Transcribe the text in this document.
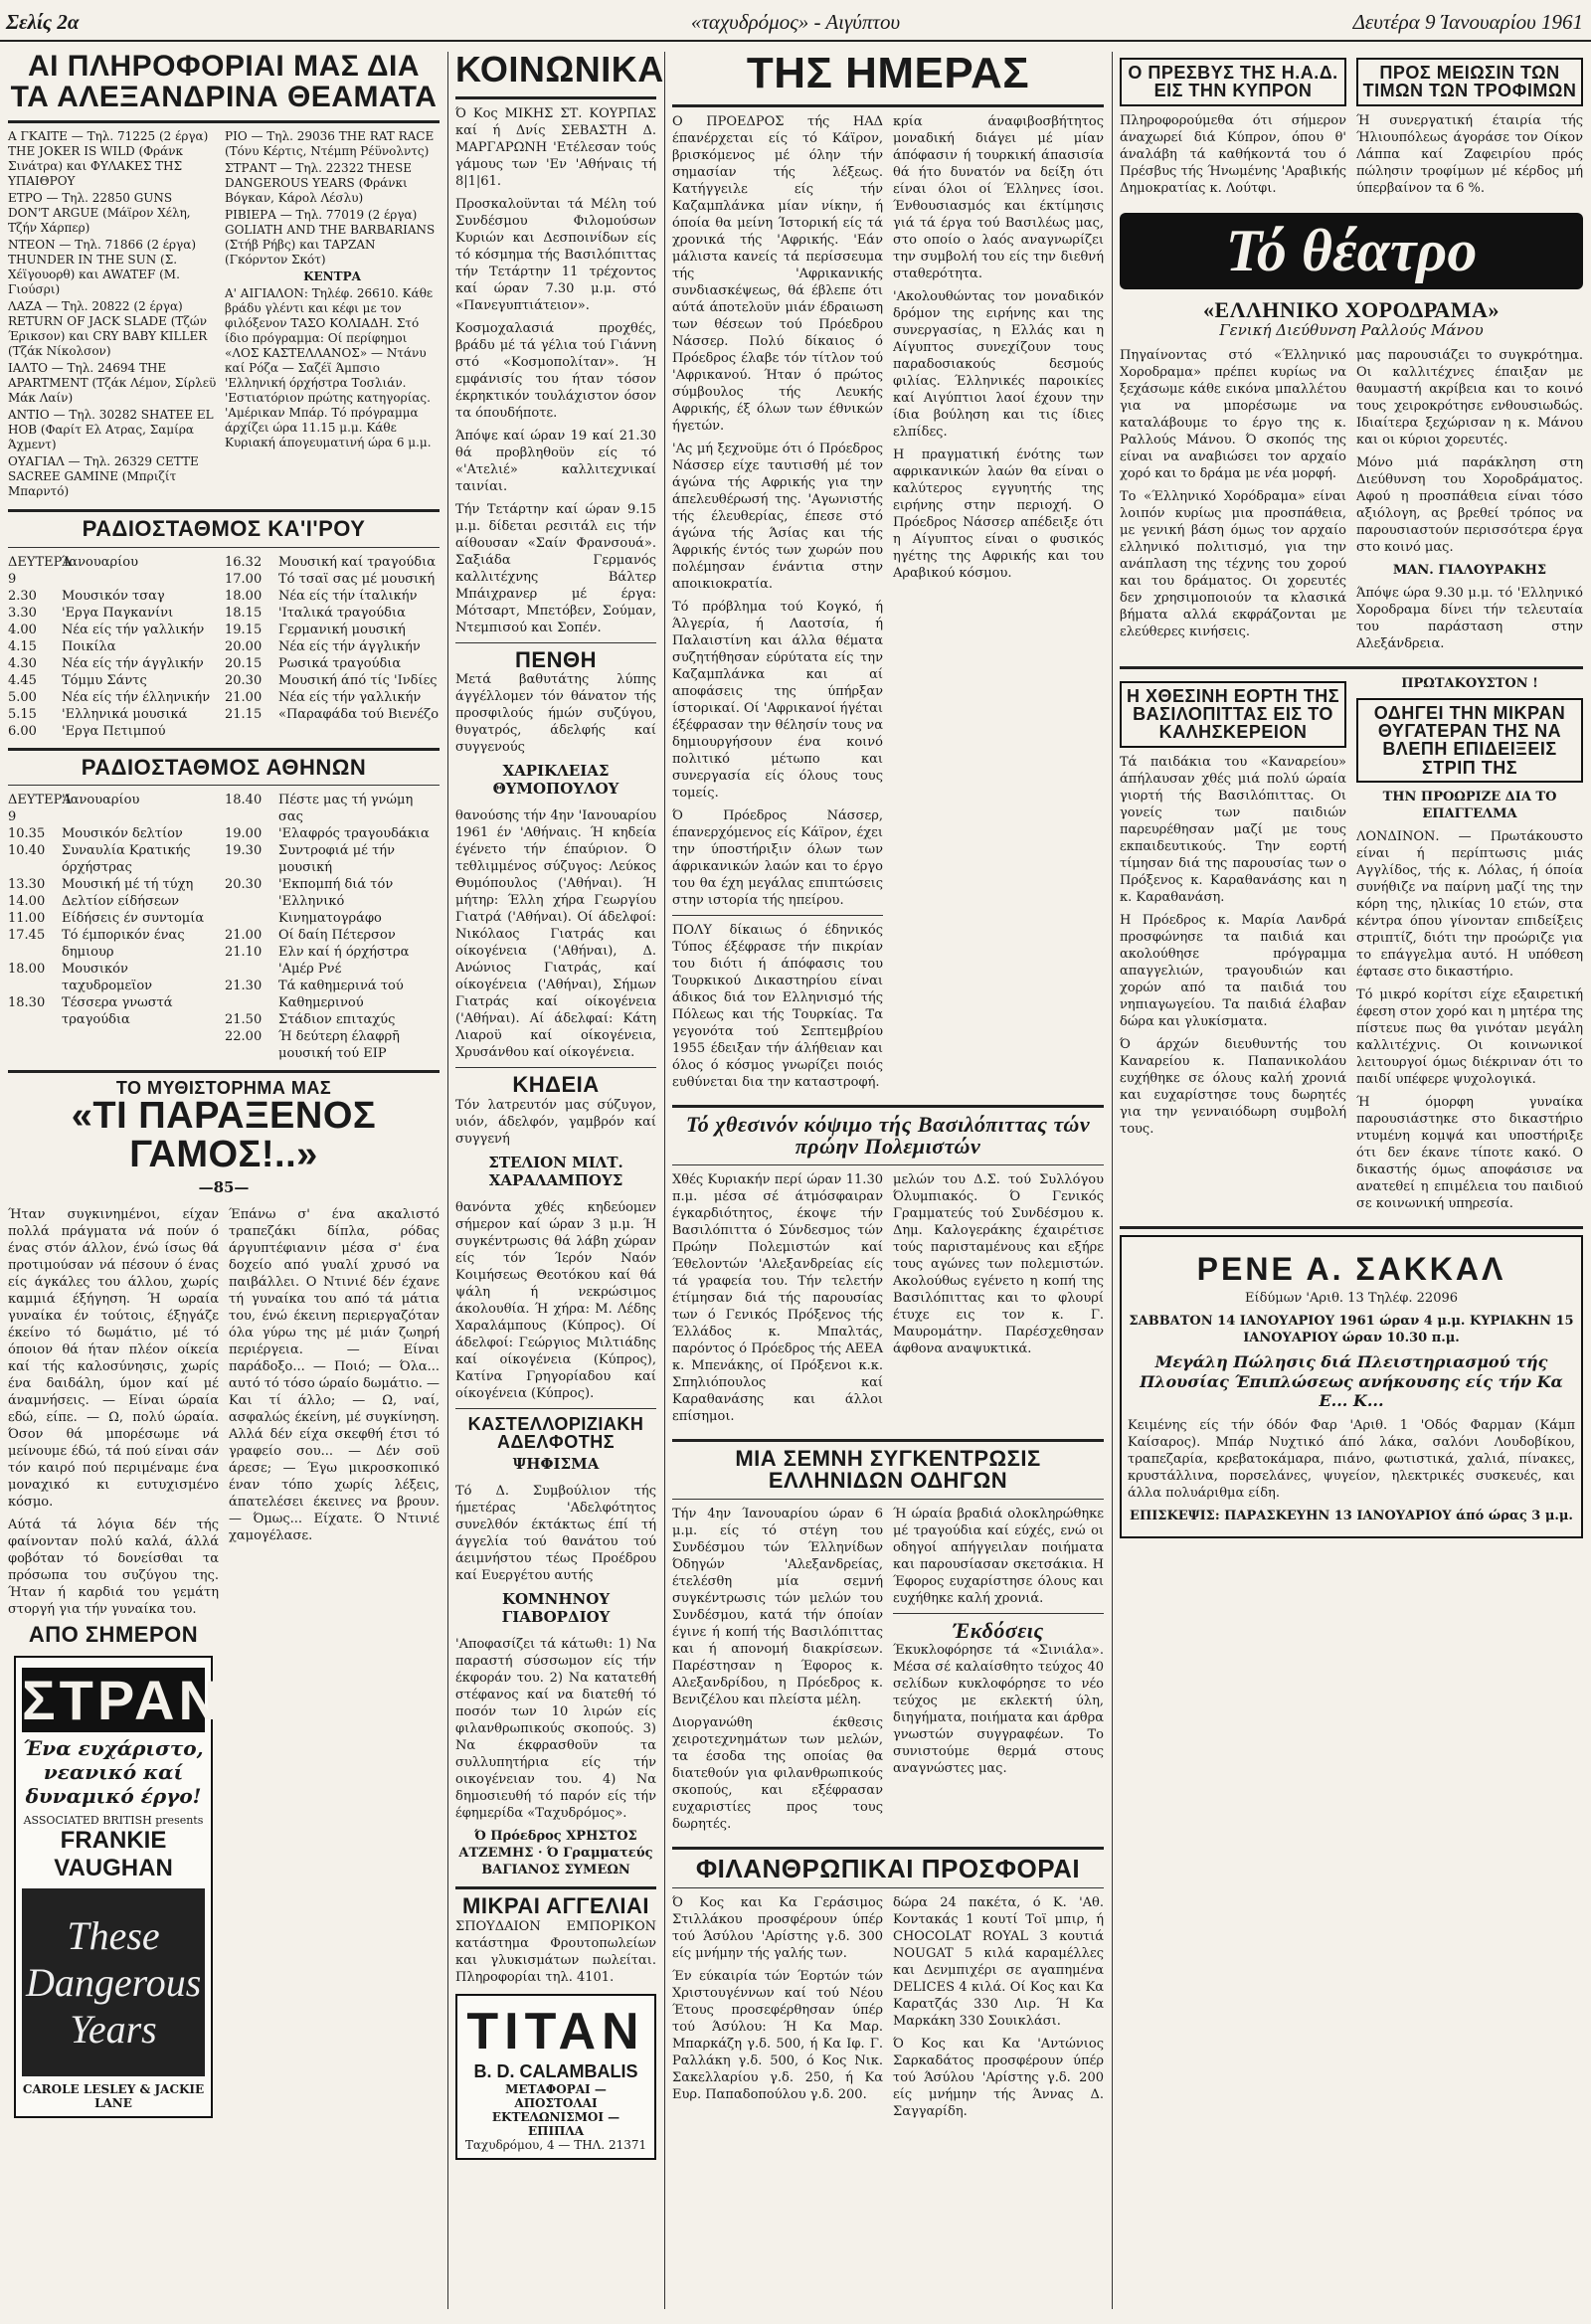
Σελίς 2α	«ταχυδρόμος» - Αιγύπτου	Δευτέρα 9 Ίανουαρίου 1961
ΑΙ ΠΛΗΡΟΦΟΡΙΑΙ ΜΑΣ ΔΙΑ ΤΑ ΑΛΕΞΑΝΔΡΙΝΑ ΘΕΑΜΑΤΑ
Α ΓΚΑΙΤΕ — Τηλ. 71225 (2 έργα) THE JOKER IS WILD (Φράνκ Σινάτρα) και ΦΥΛΑΚΕΣ ΤΗΣ ΥΠΑΙΘΡΟΥ
ΕΤΡΟ — Τηλ. 22850 GUNS DON'T ARGUE (Μάϊρον Χέλη, Τζήν Χάρπερ)
ΝΤΕΟΝ — Τηλ. 71866 (2 έργα) THUNDER IN THE SUN (Σ. Χέϊγουορθ) και AWATEF (Μ. Γιούσρι)
ΛΑΖΑ — Τηλ. 20822 (2 έργα) RETURN OF JACK SLADE (Τζών Έρικσον) και CRY BABY KILLER (Τζάκ Νίκολσον)
ΙΑΛΤΟ — Τηλ. 24694 THE APARTMENT (Τζάκ Λέμον, Σίρλεϋ Μάκ Λαίν)
ΑΝΤΙΟ — Τηλ. 30282 SHATEE EL HOB (Φαρίτ Ελ Ατρας, Σαμίρα Άχμεντ)
ΟΥΑΓΙΑΛ — Τηλ. 26329 CETTE SACREE GAMINE (Μπριζίτ Μπαρντό)
ΡΙΟ — Τηλ. 29036 THE RAT RACE (Τόνυ Κέρτις, Ντέμπη Ρέϋνολντς)
ΣΤΡΑΝΤ — Τηλ. 22322 THESE DANGEROUS YEARS (Φράνκι Βόγκαν, Κάρολ Λέσλυ)
ΡΙΒΙΕΡΑ — Τηλ. 77019 (2 έργα) GOLIATH AND THE BARBARIANS (Στήβ Ρήβς) και ΤΑΡΖΑΝ (Γκόρντον Σκότ)
ΚΕΝΤΡΑ
Α' ΑΙΓΙΑΛΟΝ: Τηλέφ. 26610. Κάθε βράδυ γλέντι και κέφι με τον φιλόξενον ΤΑΣΟ ΚΟΛΙΑΔΗ. Στό ίδιο πρόγραμμα: Οί περίφημοι «ΛΟΣ ΚΑΣΤΕΛΛΑΝΟΣ» — Ντάνυ καί Ρόζα — Σαζέϊ Άμπσιο 'Ελληνική όρχήστρα Τοσλιάν. 'Εστιατόριον πρώτης κατηγορίας. 'Αμέρικαν Μπάρ. Τό πρόγραμμα άρχίζει ώρα 11.15 μ.μ. Κάθε Κυριακή άπογευματινή ώρα 6 μ.μ.
ΡΑΔΙΟΣΤΑΘΜΟΣ ΚΑ'Ι'ΡΟΥ
ΔΕΥΤΕΡΑ 9
Ίανουαρίου
2.30	Μουσικόν τσαγ
3.30	'Εργα Παγκανίνι
4.00	Νέα είς τήν γαλλικήν
4.15	Ποικίλα
4.30	Νέα είς τήν άγγλικήν
4.45	Τόμμυ Σάντς
5.00	Νέα είς τήν έλληνικήν
5.15	'Ελληνικά μουσικά
6.00	'Εργα Πετιμπού
16.32	Μουσική καί τραγούδια
17.00	Τό τσαϊ σας μέ μουσική
18.00	Νέα είς τήν ίταλικήν
18.15	'Ιταλικά τραγούδια
19.15	Γερμανική μουσική
20.00	Νέα είς τήν άγγλικήν
20.15	Ρωσικά τραγούδια
20.30	Μουσική άπό τίς 'Ινδίες
21.00	Νέα είς τήν γαλλικήν
21.15	«Παραφάδα τού Βιενέζο
ΡΑΔΙΟΣΤΑΘΜΟΣ ΑΘΗΝΩΝ
ΔΕΥΤΕΡΑ 9
'Ιανουαρίου
10.35	Μουσικόν δελτίον
10.40	Συναυλία Κρατικής όρχήστρας
13.30	Μουσική μέ τή τύχη
14.00	Δελτίον είδήσεων
11.00	Είδήσεις έν συντομία
17.45	Τό έμπορικόν ένας δημιουρ
18.00	Μουσικόν ταχυδρομεϊον
18.30	Τέσσερα γνωστά τραγούδια
18.40	Πέστε μας τή γνώμη σας
19.00	'Ελαφρός τραγουδάκια
19.30	Συντροφιά μέ τήν μουσική
20.30	'Εκπομπή διά τόν 'Ελληνικό Κινηματογράφο
21.00	Οί δαίη Πέτερσον
21.10	Ελν καί ή όρχήστρα 'Αμέρ Ρνέ
21.30	Τά καθημερινά τού Καθημερινού
21.50	Στάδιον επιταχύς
22.00	Ή δεύτερη έλαφρῆ μουσική τού EIP
ΤΟ ΜΥΘΙΣΤΟΡΗΜΑ ΜΑΣ
«ΤΙ ΠΑΡΑΞΕΝΟΣ ΓΑΜΟΣ!..»

—85—

Ήταν συγκινημένοι, είχαν πολλά πράγματα νά πούν ό ένας στόν άλλον, ένώ ίσως θά προτιμούσαν νά πέσουν ό ένας είς άγκάλες του άλλου, χωρίς καμμιά έξήγηση. Ή ωραία γυναίκα έν τούτοις, έξηγάζε έκείνο τό δωμάτιο, μέ τό όποιον θά ήταν πλέον οίκεία καί τής καλοσύνησις, χωρίς ένα δαιδάλη, ύμον καί μέ άναμνήσεις. — Είναι ώραία εδώ, είπε. — Ω, πολύ ώραία. Όσον θά μπορέσωμε νά μείνουμε έδώ, τά πού είναι σάν τόν καιρό πού περιμέναμε ένα μοναχικό κι ευτυχισμένο κόσμο.

Αύτά τά λόγια δέν τής φαίνονταν πολύ καλά, άλλά φοβόταν τό δονείσθαι τα πρόσωπα του συζύγου της. Ήταν ή καρδιά του γεμάτη στοργή για τήν γυναίκα του.

ΑΠΟ ΣΗΜΕΡΟΝ
ΣΤΡΑΝΤ
Ένα ευχάριστο, νεανικό καί δυναμικό έργο!
ASSOCIATED BRITISH presents
FRANKIE VAUGHAN
These Dangerous Years
CAROLE LESLEY & JACKIE LANE

Έπάνω σ' ένα ακαλιστό τραπεζάκι δίπλα, ρόδας άργυπτέφιανιν μέσα σ' ένα δοχείο από γυαλί χρυσό να παιβάλλει. Ο Ντινιέ δέν έχανε τή γυναίκα του από τά μάτια του, ένώ έκεινη περιεργαζόταν όλα γύρω της μέ μιάν ζωηρή περιέργεια. — Είναι παράδοξο... — Ποιό; — Όλα... αυτό τό τόσο ώραίο δωμάτιο. — Και τί άλλο; — Ω, ναί, ασφαλώς έκείνη, μέ συγκίνηση. Αλλά δέν είχα σκεφθή έτσι τό γραφείο σου... — Δέν σοϋ άρεσε; — Έγω μικροσκοπικό έναν τόπο χωρίς λέξεις, άπατελέσει έκεινες να βρουν. — Όμως... Είχατε. Ό Ντινιέ χαμογέλασε.

ΚΟΙΝΩΝΙΚΑ

Ό Κος ΜΙΚΗΣ ΣΤ. ΚΟΥΡΠΑΣ καί ή Δνίς ΣΕΒΑΣΤΗ Δ. ΜΑΡΓΑΡΩΝΗ 'Ετέλεσαν τούς γάμους των 'Εν 'Αθήναις τή 8|1|61.

Προσκαλοϋνται τά Μέλη τού Συνδέσμου Φιλομούσων Κυριών και Δεσποινίδων είς τό κόσμημα τής Βασιλόπιττας τήν Τετάρτην 11 τρέχοντος καί ώραν 7.30 μ.μ. στό «Πανεγυπτιάτειον».

Κοσμοχαλασιά προχθές, βράδυ μέ τά γέλια τού Γιάννη στό «Κοσμοπολίταν». Ή εμφάνισίς του ήταν τόσον έκρηκτικόν τουλάχιστον όσον τα όπουδήποτε.

Άπόψε καί ώραν 19 καί 21.30 θά προβληθοϋν είς τό «'Ατελιέ» καλλιτεχνικαί ταινίαι.

Τήν Τετάρτην καί ώραν 9.15 μ.μ. δίδεται ρεσιτάλ εις τήν αίθουσαν «Σαίν Φρανσουά». Σαξιάδα Γερμανός καλλιτέχνης Βάλτερ Μπάιχρανερ μέ έργα: Μότσαρτ, Μπετόβεν, Σούμαν, Ντεμπισού και Σοπέν.

ΠΕΝΘΗ

Μετά βαθυτάτης λύπης άγγέλλομεν τόν θάνατον τής προσφιλούς ήμών συζύγου, θυγατρός, άδελφής καί συγγενούς

ΧΑΡΙΚΛΕΙΑΣ ΘΥΜΟΠΟΥΛΟΥ

θανούσης τήν 4ην 'Ιανουαρίου 1961 έν 'Αθήναις. Ή κηδεία έγένετο τήν έπαύριον. Ό τεθλιμμένος σύζυγος: Λεύκος Θυμόπουλος ('Αθήναι). Ή μήτηρ: Έλλη χήρα Γεωργίου Γιατρά ('Αθήναι). Οί άδελφοί: Νικόλαος Γιατράς και οίκογένεια ('Αθήναι), Δ. Ανώνιος Γιατράς, καί οίκογένεια ('Αθήναι), Σήμων Γιατράς καί οίκογένεια ('Αθήναι). Αί άδελφαί: Κάτη Λιαροϋ καί οίκογένεια, Χρυσάνθου καί οίκογένεια.

ΚΗΔΕΙΑ

Τόν λατρευτόν μας σύζυγον, υιόν, άδελφόν, γαμβρόν καί συγγενή

ΣΤΕΛΙΟΝ ΜΙΛΤ. ΧΑΡΑΛΑΜΠΟΥΣ

θανόντα χθές κηδεύομεν σήμερον καί ώραν 3 μ.μ. Ή συγκέντρωσις θά λάβη χώραν είς τόν Ίερόν Ναόν Κοιμήσεως Θεοτόκου καί θά ψάλη ή νεκρώσιμος άκολουθία. Ή χήρα: Μ. Λέδης Χαραλάμπους (Κύπρος). Οί άδελφοί: Γεώργιος Μιλτιάδης καί οίκογένεια (Κύπρος), Κατίνα Γρηγορίαδου καί οίκογένεια (Κύπρος).

ΚΑΣΤΕΛΛΟΡΙΖΙΑΚΗ ΑΔΕΛΦΟΤΗΣ

ΨΗΦΙΣΜΑ

Τό Δ. Συμβούλιον τής ήμετέρας 'Αδελφότητος συνελθόν έκτάκτως έπί τή άγγελία τού θανάτου τού άειμνήστου τέως Προέδρου καί Ευεργέτου αυτής

ΚΟΜΝΗΝΟΥ ΓΙΑΒΟΡΔΙΟΥ

'Αποφασίζει τά κάτωθι: 1) Να παραστή σύσσωμον είς τήν έκφοράν του. 2) Να κατατεθή στέφανος καί να διατεθή τό ποσόν των 10 λιρών είς φιλανθρωπικούς σκοπούς. 3) Να έκφρασθοϋν τα συλλυπητήρια είς τήν οικογένειαν του. 4) Να δημοσιευθή τό παρόν είς τήν έφημερίδα «Ταχυδρόμος».

Ό Πρόεδρος ΧΡΗΣΤΟΣ ΑΤΖΕΜΗΣ · Ό Γραμματεύς ΒΑΓΙΑΝΟΣ ΣΥΜΕΩΝ

ΜΙΚΡΑΙ ΑΓΓΕΛΙΑΙ

ΣΠΟΥΔΑΙΟΝ ΕΜΠΟΡΙΚΟΝ κατάστημα Φρουτοπωλείων και γλυκισμάτων πωλείται. Πληροφορίαι τηλ. 4101.

TITAN
B. D. CALAMBALIS
ΜΕΤΑΦΟΡΑΙ — ΑΠΟΣΤΟΛΑΙ
ΕΚΤΕΛΩΝΙΣΜΟΙ — ΕΠΙΠΛΑ
Ταχυδρόμου, 4 — ΤΗΛ. 21371
ΤΗΣ ΗΜΕΡΑΣ

Ο ΠΡΟΕΔΡΟΣ τής ΗΑΔ έπανέρχεται είς τό Κάϊρον, βρισκόμενος μέ όλην τήν σημασίαν τής λέξεως. Κατήγγειλε είς τήν Καζαμπλάνκα μίαν νίκην, ή όποία θα μείνη Ίστορική είς τά χρονικά τής 'Αφρικής. 'Εάν μάλιστα κανείς τά περίσσευμα τής 'Αφρικανικής συνδιασκέψεως, θά έβλεπε ότι αύτά άποτελοϋν μιάν έδραιωση των θέσεων τού Πρόεδρου Νάσσερ. Πολύ δίκαιος ό Πρόεδρος έλαβε τόν τίτλον τού 'Αφρικανού. Ήταν ό πρώτος σύμβουλος τής Λευκής Αφρικής, έξ όλων των έθνικών ήγετών.

'Ας μή ξεχνοϋμε ότι ό Πρόεδρος Νάσσερ είχε ταυτισθή μέ τον άγώνα τής Αφρικής για την άπελευθέρωσή της. 'Αγωνιστής τής έλευθερίας, έπεσε στό άγώνα τής Άσίας και τής Άφρικής έντός των χωρών που πολέμησαν ένάντια στην αποικιοκρατία.

Τό πρόβλημα τού Κογκό, ή Άλγερία, ή Λαοτσία, ή Παλαιστίνη και άλλα θέματα συζητήθησαν εύρύτατα είς την Καζαμπλάνκα και αί αποφάσεις της ύπήρξαν ίστορικαί. Οί 'Αφρικανοί ήγέται έξέφρασαν την θέλησίν τους να δημιουργήσουν ένα κοινό πολιτικό μέτωπο και συνεργασία είς όλους τους τομείς.

Ό Πρόεδρος Νάσσερ, έπανερχόμενος είς Κάϊρον, έχει την ύποστήριξιν όλων των άφρικανικών λαών και το έργο του θα έχη μεγάλας επιπτώσεις στην ιστορία τής ηπείρου.

ΠΟΛΥ δίκαιως ό έδηνικός Τύπος έξέφρασε τήν πικρίαν του διότι ή άπόφασις του Τουρκικού Δικαστηρίου είναι άδικος διά τον Ελληνισμό τής Πόλεως και τής Τουρκίας. Τα γεγονότα τού Σεπτεμβρίου 1955 έδειξαν τήν άλήθειαν και όλος ό κόσμος γνωρίζει ποιός ευθύνεται δια την καταστροφή.

κρία άναφιβοσβήτητος μοναδική διάγει μέ μίαν άπόφασιν ή τουρκική άπασισία θά ήτο δυνατόν να δείξη ότι είναι όλοι οί Έλληνες ίσοι. Ένθουσιασμός και έκτίμησις γιά τά έργα τού Βασιλέως μας, στο οποίο ο λαός αναγνωρίζει την συμβολή του είς την διεθνή σταθερότητα.

'Ακολουθώντας τον μοναδικόν δρόμον της ειρήνης και της συνεργασίας, η Ελλάς και η Αίγυπτος συνεχίζουν τους παραδοσιακούς δεσμούς φιλίας. Έλληνικές παροικίες καί Αιγύπτιοι λαοί έχουν την ίδια βούληση και τις ίδιες ελπίδες.

Η πραγματική ένότης των αφρικανικών λαών θα είναι ο καλύτερος εγγυητής της ειρήνης στην περιοχή. Ο Πρόεδρος Νάσσερ απέδειξε ότι η Αίγυπτος είναι ο φυσικός ηγέτης της Αφρικής και του Αραβικού κόσμου.

Τό χθεσινόν κόψιμο τής Βασιλόπιττας τών πρώην Πολεμιστών

Χθές Κυριακήν περί ώραν 11.30 π.μ. μέσα σέ άτμόσφαιραν έγκαρδιότητος, έκοψε τήν Βασιλόπιττα ό Σύνδεσμος τών Πρώην Πολεμιστών καί Έθελοντών 'Αλεξανδρείας είς τά γραφεία του. Τήν τελετήν έτίμησαν διά τής παρουσίας των ό Γενικός Πρόξενος τής Έλλάδος κ. Μπαλτάς, παρόντος ό Πρόεδρος τής ΑΕΕΑ κ. Μπενάκης, οί Πρόξενοι κ.κ. Σπηλιόπουλος καί Καραθανάσης και άλλοι επίσημοι.

μελών του Δ.Σ. τού Συλλόγου Όλυμπιακός. Ό Γενικός Γραμματεύς τού Συνδέσμου κ. Δημ. Καλογεράκης έχαιρέτισε τούς παρισταμένους και εξήρε τους αγώνες των πολεμιστών. Ακολούθως εγένετο η κοπή της Βασιλόπιττας και το φλουρί έτυχε εις τον κ. Γ. Μαυρομάτην. Παρέσχεθησαν άφθονα αναψυκτικά.

ΜΙΑ ΣΕΜΝΗ ΣΥΓΚΕΝΤΡΩΣΙΣ ΕΛΛΗΝΙΔΩΝ ΟΔΗΓΩΝ

Τήν 4ην Ίανουαρίου ώραν 6 μ.μ. είς τό στέγη του Συνδέσμου τών Έλληνίδων Όδηγών 'Αλεξανδρείας, έτελέσθη μία σεμνή συγκέντρωσις τών μελών του Συνδέσμου, κατά τήν όποίαν έγινε ή κοπή τής Βασιλόπιττας και ή απονομή διακρίσεων. Παρέστησαν η Έφορος κ. Αλεξανδρίδου, η Πρόεδρος κ. Βενιζέλου και πλείστα μέλη.

Διοργανώθη έκθεσις χειροτεχνημάτων των μελών, τα έσοδα της οποίας θα διατεθούν για φιλανθρωπικούς σκοπούς, και εξέφρασαν ευχαριστίες προς τους δωρητές.

Ή ώραία βραδιά ολοκληρώθηκε μέ τραγούδια καί εύχές, ενώ οι οδηγοί απήγγειλαν ποιήματα και παρουσίασαν σκετσάκια. Η Έφορος ευχαρίστησε όλους και ευχήθηκε καλή χρονιά.

Έκδόσεις

Έκυκλοφόρησε τά «Σινιάλα». Μέσα σέ καλαίσθητο τεύχος 40 σελίδων κυκλοφόρησε το νέο τεύχος με εκλεκτή ύλη, διηγήματα, ποιήματα και άρθρα γνωστών συγγραφέων. Το συνιστούμε θερμά στους αναγνώστες μας.

ΦΙΛΑΝΘΡΩΠΙΚΑΙ ΠΡΟΣΦΟΡΑΙ

Ό Κος και Κα Γεράσιμος Στιλλάκου προσφέρουν ύπέρ τού Άσύλου 'Αρίστης γ.δ. 300 είς μνήμην τής γαλής των.

Έν εύκαιρία τών Έορτών τών Χριστουγέννων καί τού Νέου Έτους προσεφέρθησαν ύπέρ τού Άσύλου: Ή Κα Μαρ. Μπαρκάζη γ.δ. 500, ή Κα Ιφ. Γ. Ραλλάκη γ.δ. 500, ό Κος Νικ. Σακελλαρίου γ.δ. 250, ή Κα Ευρ. Παπαδοπούλου γ.δ. 200.

δώρα 24 πακέτα, ό Κ. 'Αθ. Κοντακάς 1 κουτί Τοϊ μπιρ, ή CHOCOLAT ROYAL 3 κουτιά NOUGAT 5 κιλά καραμέλλες και Δενμπιχέρι σε αγαπημένα DELICES 4 κιλά. Οί Κος και Κα Καρατζάς 330 Λιρ. Ή Κα Μαρκάκη 330 Σουικλάσι.

Ό Κος και Κα 'Αντώνιος Σαρκαδάτος προσφέρουν ύπέρ τού Άσύλου 'Αρίστης γ.δ. 200 είς μνήμην τής Άννας Δ. Σαγγαρίδη.

Ο ΠΡΕΣΒΥΣ ΤΗΣ Η.Α.Δ. ΕΙΣ ΤΗΝ ΚΥΠΡΟΝ

Πληροφορούμεθα ότι σήμερον άναχωρεί διά Κύπρον, όπου θ' άναλάβη τά καθήκοντά του ό Πρέσβυς τής Ήνωμένης 'Αραβικής Δημοκρατίας κ. Λούτφι.

ΠΡΟΣ ΜΕΙΩΣΙΝ ΤΩΝ ΤΙΜΩΝ ΤΩΝ ΤΡΟΦΙΜΩΝ

Ή συνεργατική έταιρία τής Ήλιουπόλεως άγοράσε τον Οίκον Λάππα καί Ζαφειρίου πρός πώλησιν τροφίμων μέ κέρδος μή ύπερβαίνον τα 6 %.

Τό θέατρο
«ΕΛΛΗΝΙΚΟ ΧΟΡΟΔΡΑΜΑ»

Γενική Διεύθυνση Ραλλούς Μάνου

Πηγαίνοντας στό «Έλληνικό Χοροδραμα» πρέπει κυρίως να ξεχάσωμε κάθε εικόνα μπαλλέτου για να μπορέσωμε να καταλάβουμε το έργο της κ. Ραλλούς Μάνου. Ό σκοπός της είναι να αναβιώσει τον αρχαίο χορό και το δράμα με νέα μορφή.

Το «Έλληνικό Χορόδραμα» είναι λοιπόν κυρίως μια προσπάθεια, με γενική βάση όμως τον αρχαίο ελληνικό πολιτισμό, για την ανάπλαση της τέχνης του χορού και του δράματος. Οι χορευτές δεν χρησιμοποιούν τα κλασικά βήματα αλλά εκφράζονται με ελεύθερες κινήσεις.

μας παρουσιάζει το συγκρότημα. Οι καλλιτέχνες έπαιξαν με θαυμαστή ακρίβεια και το κοινό τους χειροκρότησε ενθουσιωδώς. Ιδιαίτερα ξεχώρισαν η κ. Μάνου και οι κύριοι χορευτές.

Μόνο μιά παράκληση στη Διεύθυνση του Χοροδράματος. Αφού η προσπάθεια είναι τόσο αξιόλογη, ας βρεθεί τρόπος να παρουσιαστούν περισσότερα έργα στο κοινό μας.

ΜΑΝ. ΓΙΑΛΟΥΡΑΚΗΣ

Άπόψε ώρα 9.30 μ.μ. τό 'Ελληνικό Χοροδραμα δίνει τήν τελευταία του παράσταση στην Αλεξάνδρεια.

Η ΧΘΕΣΙΝΗ ΕΟΡΤΗ ΤΗΣ ΒΑΣΙΛΟΠΙΤΤΑΣ ΕΙΣ ΤΟ ΚΑΛΗΣΚΕΡΕΙΟΝ

Τά παιδάκια του «Καναρείου» άπήλαυσαν χθές μιά πολύ ώραία γιορτή τής Βασιλόπιττας. Οι γονείς των παιδιών παρευρέθησαν μαζί με τους εκπαιδευτικούς. Την εορτή τίμησαν διά της παρουσίας των ο Πρόξενος κ. Καραθανάσης και η κ. Καραθανάση.

Η Πρόεδρος κ. Μαρία Λανδρά προσφώνησε τα παιδιά και ακολούθησε πρόγραμμα απαγγελιών, τραγουδιών και χορών από τα παιδιά του νηπιαγωγείου. Τα παιδιά έλαβαν δώρα και γλυκίσματα.

Ό άρχών διευθυντής του Καναρείου κ. Παπανικολάου ευχήθηκε σε όλους καλή χρονιά και ευχαρίστησε τους δωρητές για την γενναιόδωρη συμβολή τους.

ΠΡΩΤΑΚΟΥΣΤΟΝ !

ΟΔΗΓΕΙ ΤΗΝ ΜΙΚΡΑΝ ΘΥΓΑΤΕΡΑΝ ΤΗΣ ΝΑ ΒΛΕΠΗ ΕΠΙΔΕΙΞΕΙΣ ΣΤΡΙΠ ΤΗΣ

ΤΗΝ ΠΡΟΩΡΙΖΕ ΔΙΑ ΤΟ ΕΠΑΓΓΕΛΜΑ

ΛΟΝΔΙΝΟΝ. — Πρωτάκουστο είναι ή περίπτωσις μιάς Αγγλίδος, τής κ. Λόλας, ή όποία συνήθιζε να παίρνη μαζί της την κόρη της, ηλικίας 10 ετών, στα κέντρα όπου γίνονταν επιδείξεις στριπτίζ, διότι την προώριζε για το επάγγελμα αυτό. Η υπόθεση έφτασε στο δικαστήριο.

Τό μικρό κορίτσι είχε εξαιρετική έφεση στον χορό και η μητέρα της πίστευε πως θα γινόταν μεγάλη καλλιτέχνις. Οι κοινωνικοί λειτουργοί όμως διέκριναν ότι το παιδί υπέφερε ψυχολογικά.

Ή όμορφη γυναίκα παρουσιάστηκε στο δικαστήριο ντυμένη κομψά και υποστήριξε ότι δεν έκανε τίποτε κακό. Ο δικαστής όμως αποφάσισε να ανατεθεί η επιμέλεια του παιδιού σε κοινωνική υπηρεσία.

ΡΕΝΕ Α. ΣΑΚΚΑΛ

Είδύμων 'Αριθ. 13 Τηλέφ. 22096

ΣΑΒΒΑΤΟΝ 14 ΙΑΝΟΥΑΡΙΟΥ 1961 ώραν 4 μ.μ. ΚΥΡΙΑΚΗΝ 15 ΙΑΝΟΥΑΡΙΟΥ ώραν 10.30 π.μ.

Μεγάλη Πώλησις διά Πλειστηριασμού τής Πλουσίας Έπιπλώσεως ανήκουσης είς τήν Κα Ε... Κ...

Κειμένης είς τήν όδόν Φαρ 'Αριθ. 1 'Οδός Φαρμαν (Κάμπ Καίσαρος). Μπάρ Νυχτικό άπό λάκα, σαλόνι Λουδοβίκου, τραπεζαρία, κρεβατοκάμαρα, πιάνο, φωτιστικά, χαλιά, πίνακες, κρυστάλλινα, πορσελάνες, ψυγείον, ηλεκτρικές συσκευές, και άλλα πολυάριθμα είδη.

ΕΠΙΣΚΕΨΙΣ: ΠΑΡΑΣΚΕΥΗΝ 13 ΙΑΝΟΥΑΡΙΟΥ άπό ώρας 3 μ.μ.
